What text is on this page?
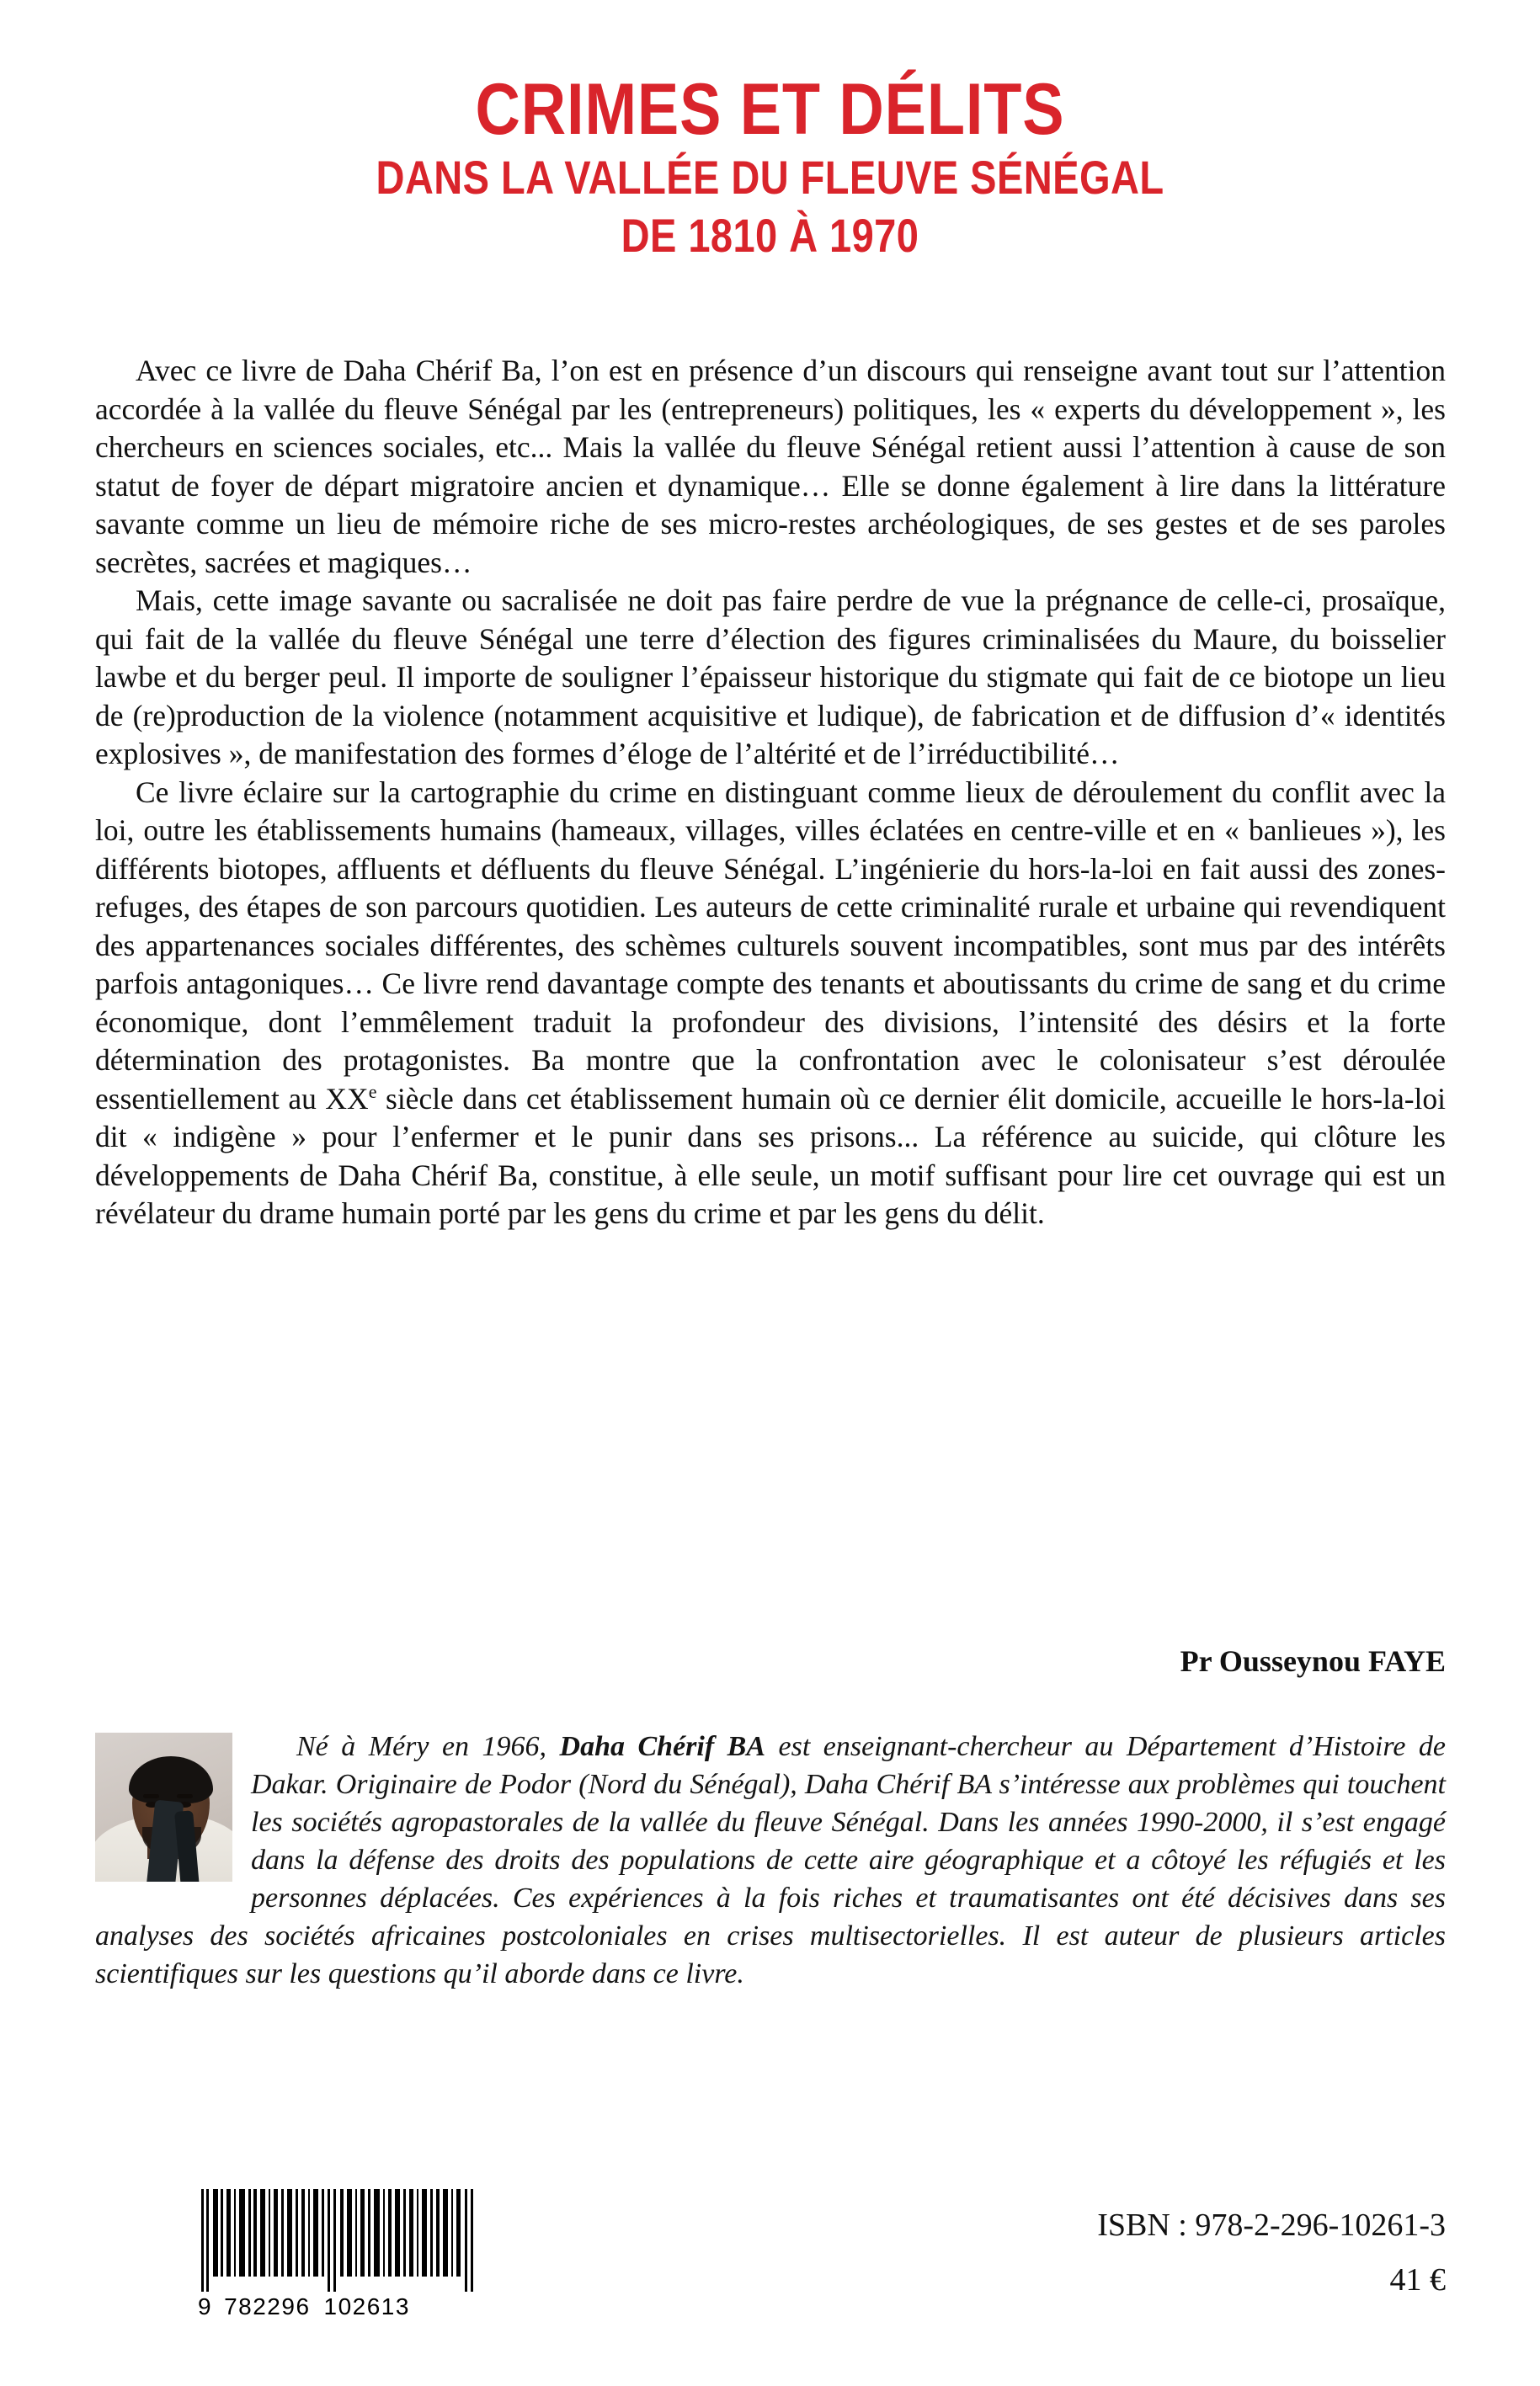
CRIMES ET DÉLITS
DANS LA VALLÉE DU FLEUVE SÉNÉGAL
DE 1810 À 1970

Avec ce livre de Daha Chérif Ba, l’on est en présence d’un discours qui renseigne avant tout sur l’attention accordée à la vallée du fleuve Sénégal par les (entrepreneurs) politiques, les « experts du développement », les chercheurs en sciences sociales, etc... Mais la vallée du fleuve Sénégal retient aussi l’attention à cause de son statut de foyer de départ migratoire ancien et dynamique… Elle se donne également à lire dans la littérature savante comme un lieu de mémoire riche de ses micro-restes archéologiques, de ses gestes et de ses paroles secrètes, sacrées et magiques…

Mais, cette image savante ou sacralisée ne doit pas faire perdre de vue la prégnance de celle-ci, prosaïque, qui fait de la vallée du fleuve Sénégal une terre d’élection des figures criminalisées du Maure, du boisselier lawbe et du berger peul. Il importe de souligner l’épaisseur historique du stigmate qui fait de ce biotope un lieu de (re)production de la violence (notamment acquisitive et ludique), de fabrication et de diffusion d’« identités explosives », de manifestation des formes d’éloge de l’altérité et de l’irréductibilité…

Ce livre éclaire sur la cartographie du crime en distinguant comme lieux de déroulement du conflit avec la loi, outre les établissements humains (hameaux, villages, villes éclatées en centre-ville et en « banlieues »), les différents biotopes, affluents et défluents du fleuve Sénégal. L’ingénierie du hors-la-loi en fait aussi des zones-refuges, des étapes de son parcours quotidien. Les auteurs de cette criminalité rurale et urbaine qui revendiquent des appartenances sociales différentes, des schèmes culturels souvent incompatibles, sont mus par des intérêts parfois antagoniques… Ce livre rend davantage compte des tenants et aboutissants du crime de sang et du crime économique, dont l’emmêlement traduit la profondeur des divisions, l’intensité des désirs et la forte détermination des protagonistes. Ba montre que la confrontation avec le colonisateur s’est déroulée essentiellement au XXe siècle dans cet établissement humain où ce dernier élit domicile, accueille le hors-la-loi dit « indigène » pour l’enfermer et le punir dans ses prisons... La référence au suicide, qui clôture les développements de Daha Chérif Ba, constitue, à elle seule, un motif suffisant pour lire cet ouvrage qui est un révélateur du drame humain porté par les gens du crime et par les gens du délit.

Pr Ousseynou FAYE

Né à Méry en 1966, Daha Chérif BA est enseignant-chercheur au Département d’Histoire de Dakar. Originaire de Podor (Nord du Sénégal), Daha Chérif BA s’intéresse aux problèmes qui touchent les sociétés agropastorales de la vallée du fleuve Sénégal. Dans les années 1990-2000, il s’est engagé dans la défense des droits des populations de cette aire géographique et a côtoyé les réfugiés et les personnes déplacées. Ces expériences à la fois riches et traumatisantes ont été décisives dans ses analyses des sociétés africaines postcoloniales en crises multisectorielles. Il est auteur de plusieurs articles scientifiques sur les questions qu’il aborde dans ce livre.

9 782296 102613
ISBN : 978-2-296-10261-3
41 €
